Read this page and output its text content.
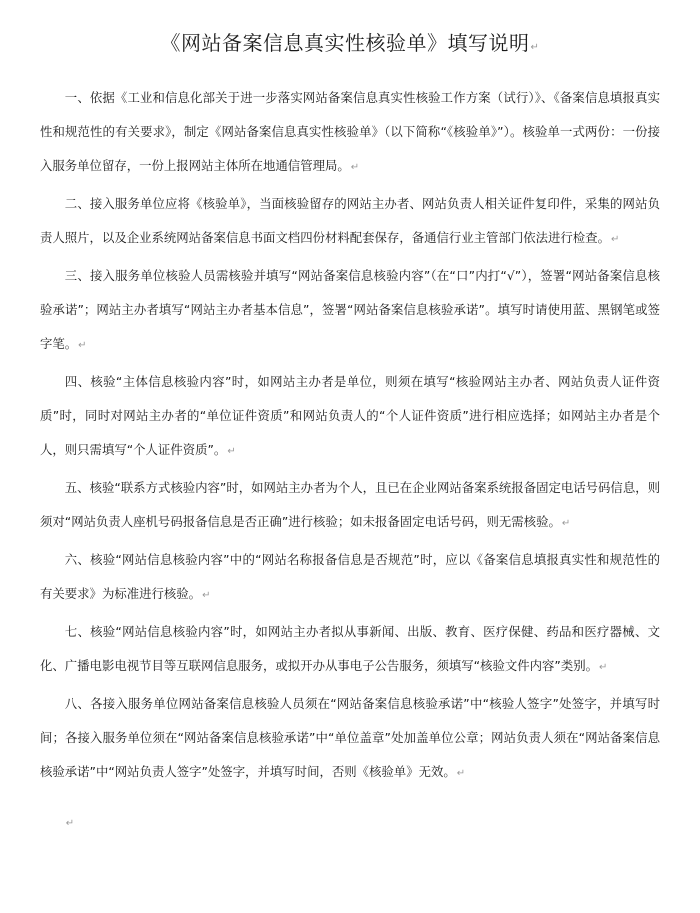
《网站备案信息真实性核验单》填写说明↵

一、依据《工业和信息化部关于进一步落实网站备案信息真实性核验工作方案（试行）》、《备案信息填报真实性和规范性的有关要求》，制定《网站备案信息真实性核验单》（以下简称“《核验单》”）。核验单一式两份：一份接入服务单位留存，一份上报网站主体所在地通信管理局。↵

二、接入服务单位应将《核验单》，当面核验留存的网站主办者、网站负责人相关证件复印件，采集的网站负责人照片，以及企业系统网站备案信息书面文档四份材料配套保存，备通信行业主管部门依法进行检查。↵

三、接入服务单位核验人员需核验并填写“网站备案信息核验内容”（在“口”内打“√”），签署“网站备案信息核验承诺”；网站主办者填写“网站主办者基本信息”，签署“网站备案信息核验承诺”。填写时请使用蓝、黑钢笔或签字笔。↵

四、核验“主体信息核验内容”时，如网站主办者是单位，则须在填写“核验网站主办者、网站负责人证件资质”时，同时对网站主办者的“单位证件资质”和网站负责人的“个人证件资质”进行相应选择；如网站主办者是个人，则只需填写“个人证件资质”。↵

五、核验“联系方式核验内容”时，如网站主办者为个人，且已在企业网站备案系统报备固定电话号码信息，则须对“网站负责人座机号码报备信息是否正确”进行核验；如未报备固定电话号码，则无需核验。↵

六、核验“网站信息核验内容”中的“网站名称报备信息是否规范”时，应以《备案信息填报真实性和规范性的有关要求》为标准进行核验。↵

七、核验“网站信息核验内容”时，如网站主办者拟从事新闻、出版、教育、医疗保健、药品和医疗器械、文化、广播电影电视节目等互联网信息服务，或拟开办从事电子公告服务，须填写“核验文件内容”类别。↵

八、各接入服务单位网站备案信息核验人员须在“网站备案信息核验承诺”中“核验人签字”处签字，并填写时间；各接入服务单位须在“网站备案信息核验承诺”中“单位盖章”处加盖单位公章；网站负责人须在“网站备案信息核验承诺”中“网站负责人签字”处签字，并填写时间，否则《核验单》无效。↵

↵
